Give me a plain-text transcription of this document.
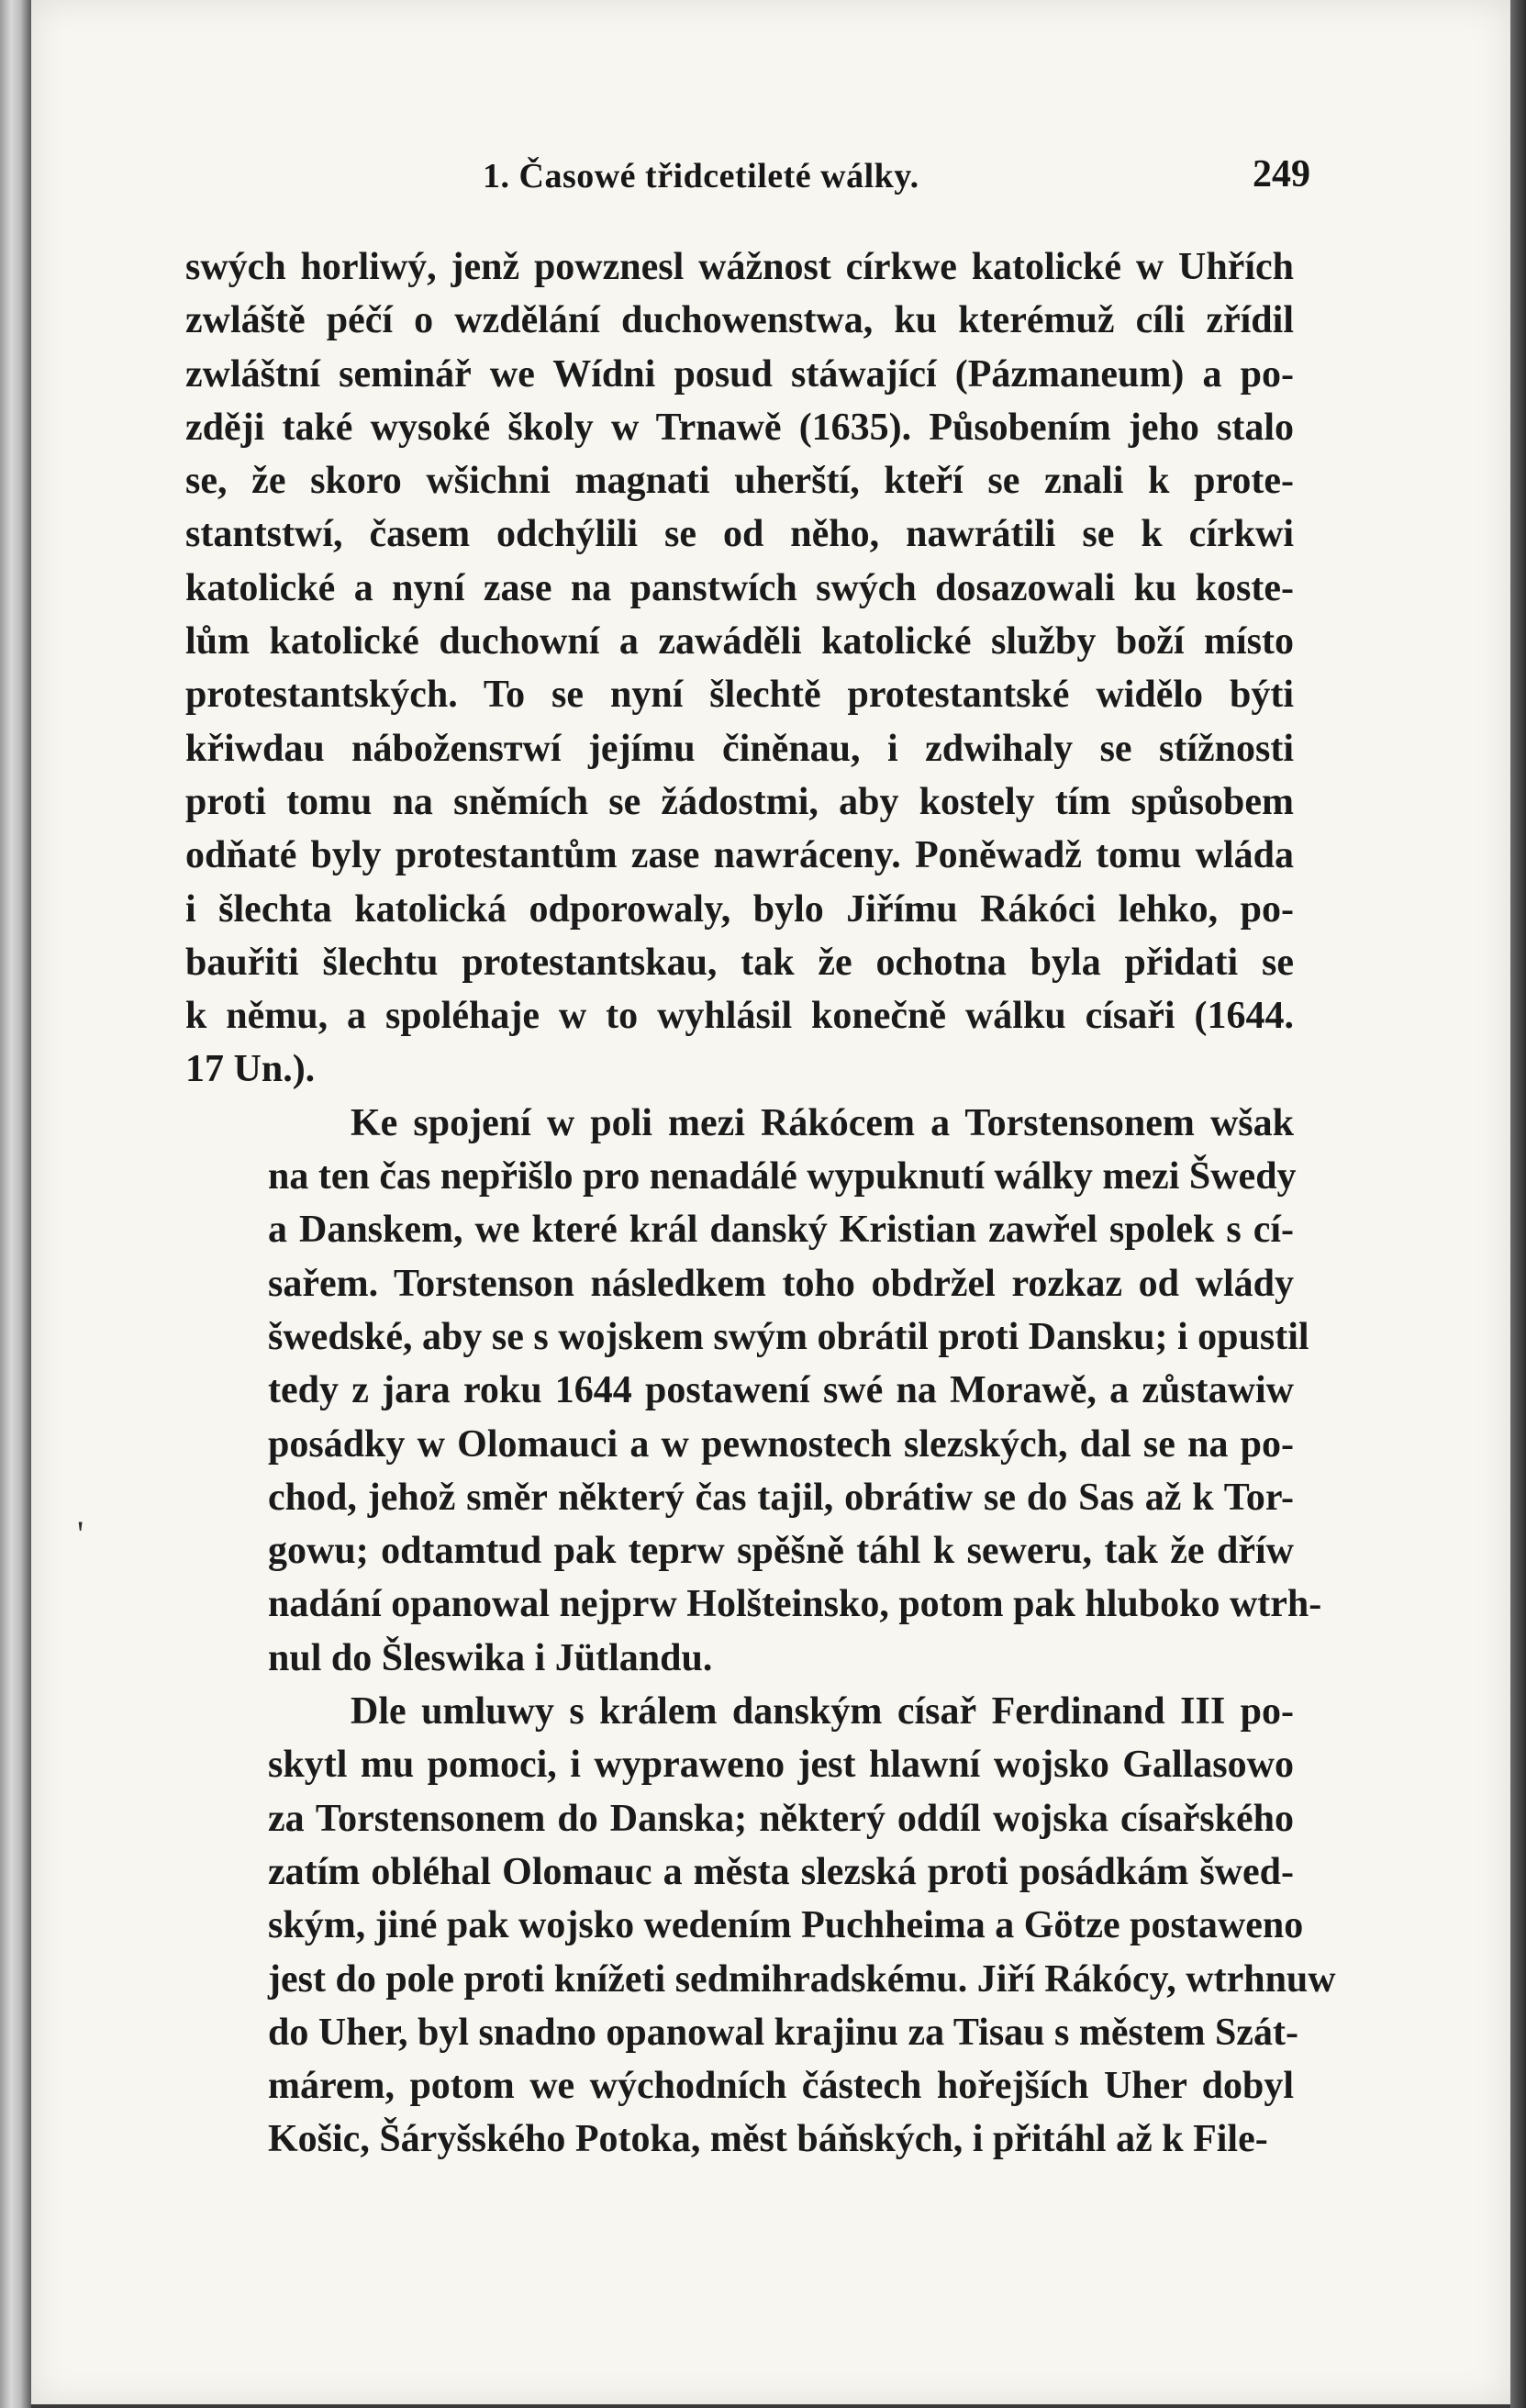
1. Časowé třidcetileté wálky.	249
'
swých horliwý, jenž powznesl wážnost církwe katolické w Uhřích
zwláště péčí o wzdělání duchowenstwa, ku kterémuž cíli zřídil
zwláštní seminář we Wídni posud stáwající (Pázmaneum) a po-
zději také wysoké školy w Trnawě (1635). Působením jeho stalo
se, že skoro wšichni magnati uherští, kteří se znali k prote-
stantstwí, časem odchýlili se od něho, nawrátili se k církwi
katolické a nyní zase na panstwích swých dosazowali ku koste-
lům katolické duchowní a zawáděli katolické služby boží místo
protestantských. To se nyní šlechtě protestantské widělo býti
křiwdau nábožensтwí jejímu činěnau, i zdwihaly se stížnosti
proti tomu na sněmích se žádostmi, aby kostely tím spůsobem
odňaté byly protestantům zase nawráceny. Poněwadž tomu wláda
i šlechta katolická odporowaly, bylo Jiřímu Rákóci lehko, po-
bauřiti šlechtu protestantskau, tak že ochotna byla přidati se
k němu, a spoléhaje w to wyhlásil konečně wálku císaři (1644.
17 Un.).
Ke spojení w poli mezi Rákócem a Torstensonem wšak
na ten čas nepřišlo pro nenadálé wypuknutí wálky mezi Šwedy
a Danskem, we které král danský Kristian zawřel spolek s cí-
sařem. Torstenson následkem toho obdržel rozkaz od wlády
šwedské, aby se s wojskem swým obrátil proti Dansku; i opustil
tedy z jara roku 1644 postawení swé na Morawě, a zůstawiw
posádky w Olomauci a w pewnostech slezských, dal se na po-
chod, jehož směr některý čas tajil, obrátiw se do Sas až k Tor-
gowu; odtamtud pak teprw spěšně táhl k sewеru, tak že dříw
nadání opanowal nejprw Holšteinsko, potom pak hluboko wtrh-
nul do Šleswika i Jütlandu.
Dle umluwy s králem danským císař Ferdinand III po-
skytl mu pomoci, i wypraweno jest hlawní wojsko Gallasowo
za Torstensonem do Danska; některý oddíl wojska císařského
zatím obléhal Olomauc a města slezská proti posádkám šwed-
ským, jiné pak wojsko wedením Puchheima a Götze postaweno
jest do pole proti knížeti sedmihradskému. Jiří Rákócy, wtrhnuw
do Uher, byl snadno opanowal krajinu za Tisau s městem Szát-
márem, potom we wýchodních částech hořejších Uher dobyl
Košic, Šáryšského Potoka, měst báňských, i přitáhl až k File-
